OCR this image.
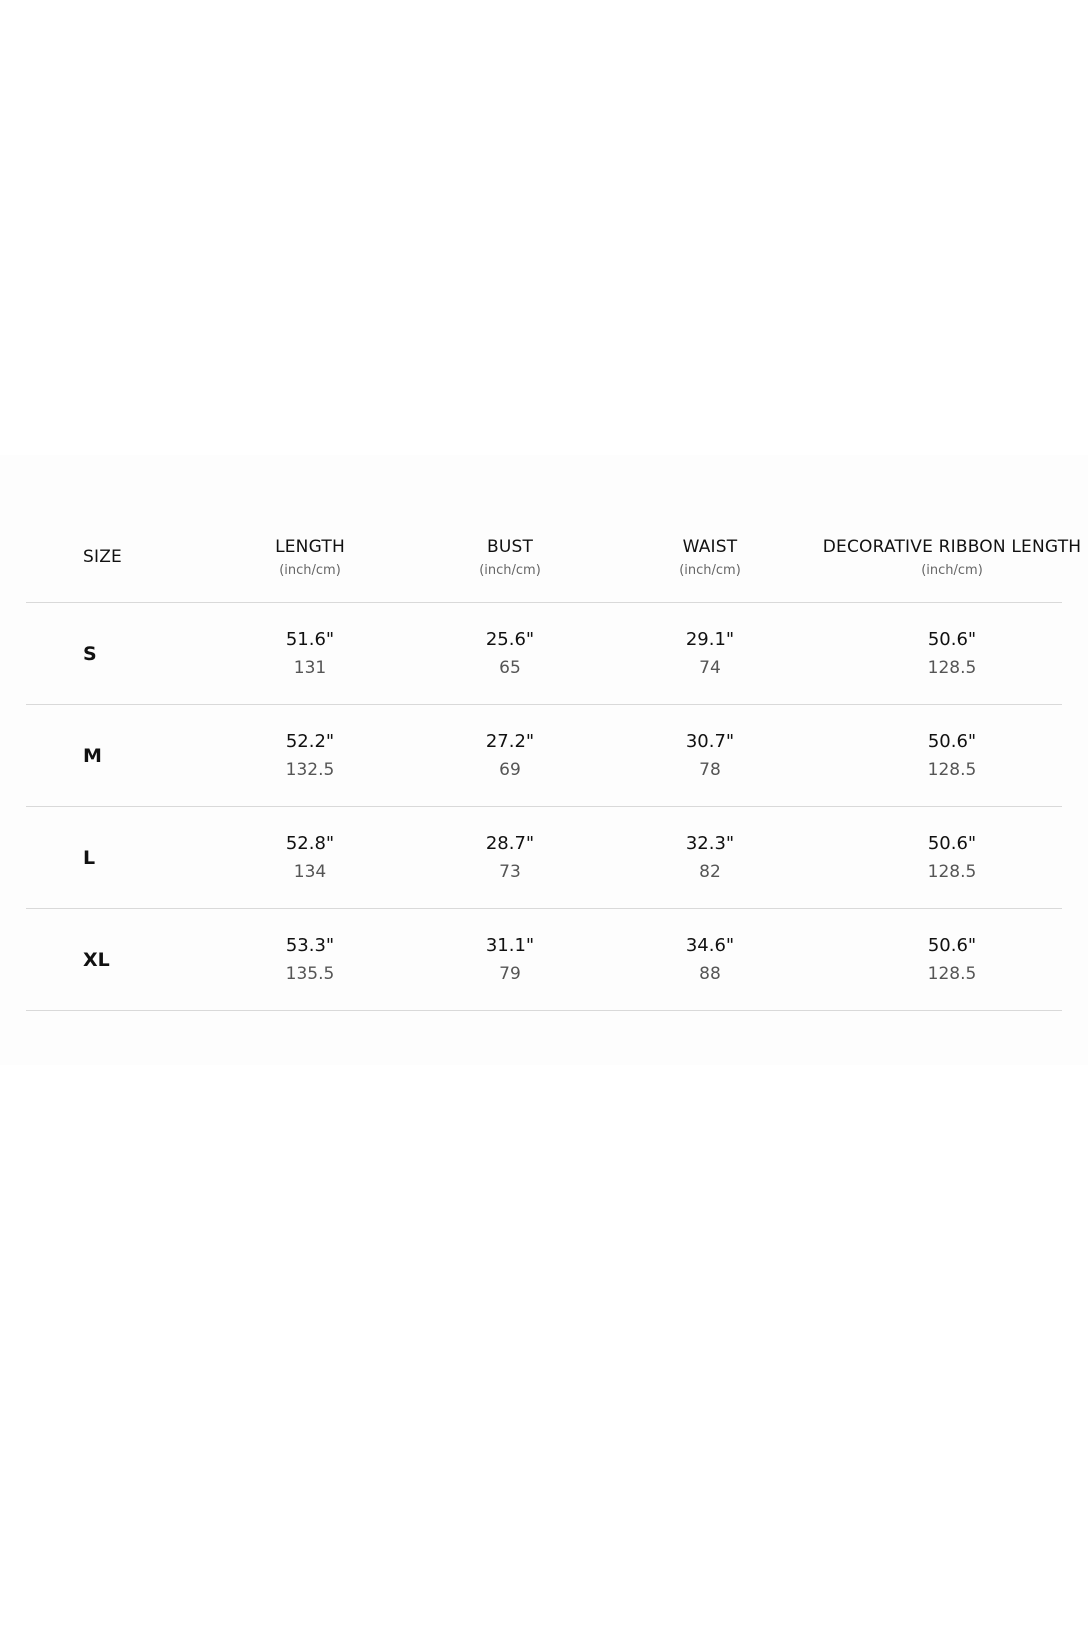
SIZE	LENGTH
(inch/cm)
BUST
(inch/cm)
WAIST
(inch/cm)
DECORATIVE RIBBON LENGTH
(inch/cm)
S
51.6"
131
25.6"
65
29.1"
74
50.6"
128.5
M
52.2"
132.5
27.2"
69
30.7"
78
50.6"
128.5
L
52.8"
134
28.7"
73
32.3"
82
50.6"
128.5
XL
53.3"
135.5
31.1"
79
34.6"
88
50.6"
128.5
